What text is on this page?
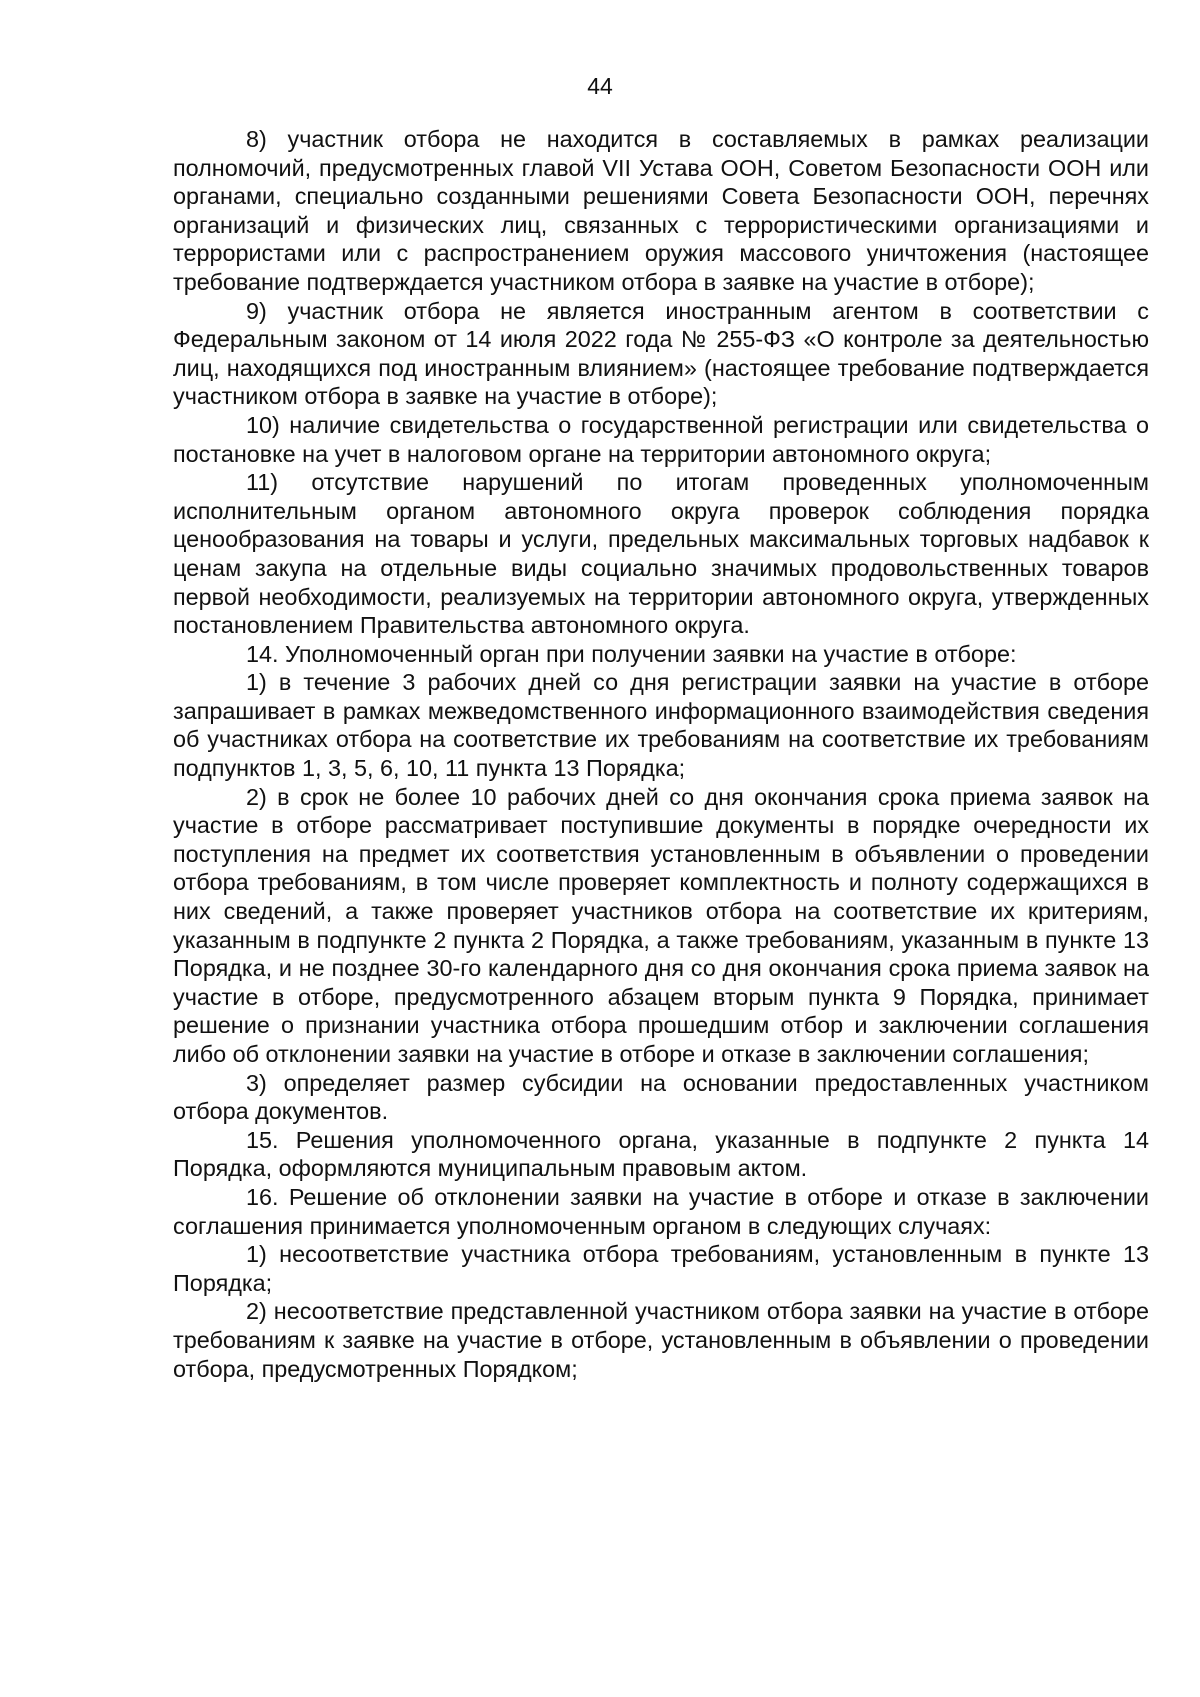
44

8) участник отбора не находится в составляемых в рамках реализации полномочий, предусмотренных главой VII Устава ООН, Советом Безопасности ООН или органами, специально созданными решениями Совета Безопасности ООН, перечнях организаций и физических лиц, связанных с террористическими организациями и террористами или с распространением оружия массового уничтожения (настоящее требование подтверждается участником отбора в заявке на участие в отборе);

9) участник отбора не является иностранным агентом в соответствии с Федеральным законом от 14 июля 2022 года № 255-ФЗ «О контроле за деятельностью лиц, находящихся под иностранным влиянием» (настоящее требование подтверждается участником отбора в заявке на участие в отборе);

10) наличие свидетельства о государственной регистрации или свидетельства о постановке на учет в налоговом органе на территории автономного округа;

11) отсутствие нарушений по итогам проведенных уполномоченным исполнительным органом автономного округа проверок соблюдения порядка ценообразования на товары и услуги, предельных максимальных торговых надбавок к ценам закупа на отдельные виды социально значимых продовольственных товаров первой необходимости, реализуемых на территории автономного округа, утвержденных постановлением Правительства автономного округа.

14. Уполномоченный орган при получении заявки на участие в отборе:

1) в течение 3 рабочих дней со дня регистрации заявки на участие в отборе запрашивает в рамках межведомственного информационного взаимодействия сведения об участниках отбора на соответствие их требованиям на соответствие их требованиям подпунктов 1, 3, 5, 6, 10, 11 пункта 13 Порядка;

2) в срок не более 10 рабочих дней со дня окончания срока приема заявок на участие в отборе рассматривает поступившие документы в порядке очередности их поступления на предмет их соответствия установленным в объявлении о проведении отбора требованиям, в том числе проверяет комплектность и полноту содержащихся в них сведений, а также проверяет участников отбора на соответствие их критериям, указанным в подпункте 2 пункта 2 Порядка, а также требованиям, указанным в пункте 13 Порядка, и не позднее 30-го календарного дня со дня окончания срока приема заявок на участие в отборе, предусмотренного абзацем вторым пункта 9 Порядка, принимает решение о признании участника отбора прошедшим отбор и заключении соглашения либо об отклонении заявки на участие в отборе и отказе в заключении соглашения;

3) определяет размер субсидии на основании предоставленных участником отбора документов.

15. Решения уполномоченного органа, указанные в подпункте 2 пункта 14 Порядка, оформляются муниципальным правовым актом.

16. Решение об отклонении заявки на участие в отборе и отказе в заключении соглашения принимается уполномоченным органом в следующих случаях:

1) несоответствие участника отбора требованиям, установленным в пункте 13 Порядка;

2) несоответствие представленной участником отбора заявки на участие в отборе требованиям к заявке на участие в отборе, установленным в объявлении о проведении отбора, предусмотренных Порядком;
